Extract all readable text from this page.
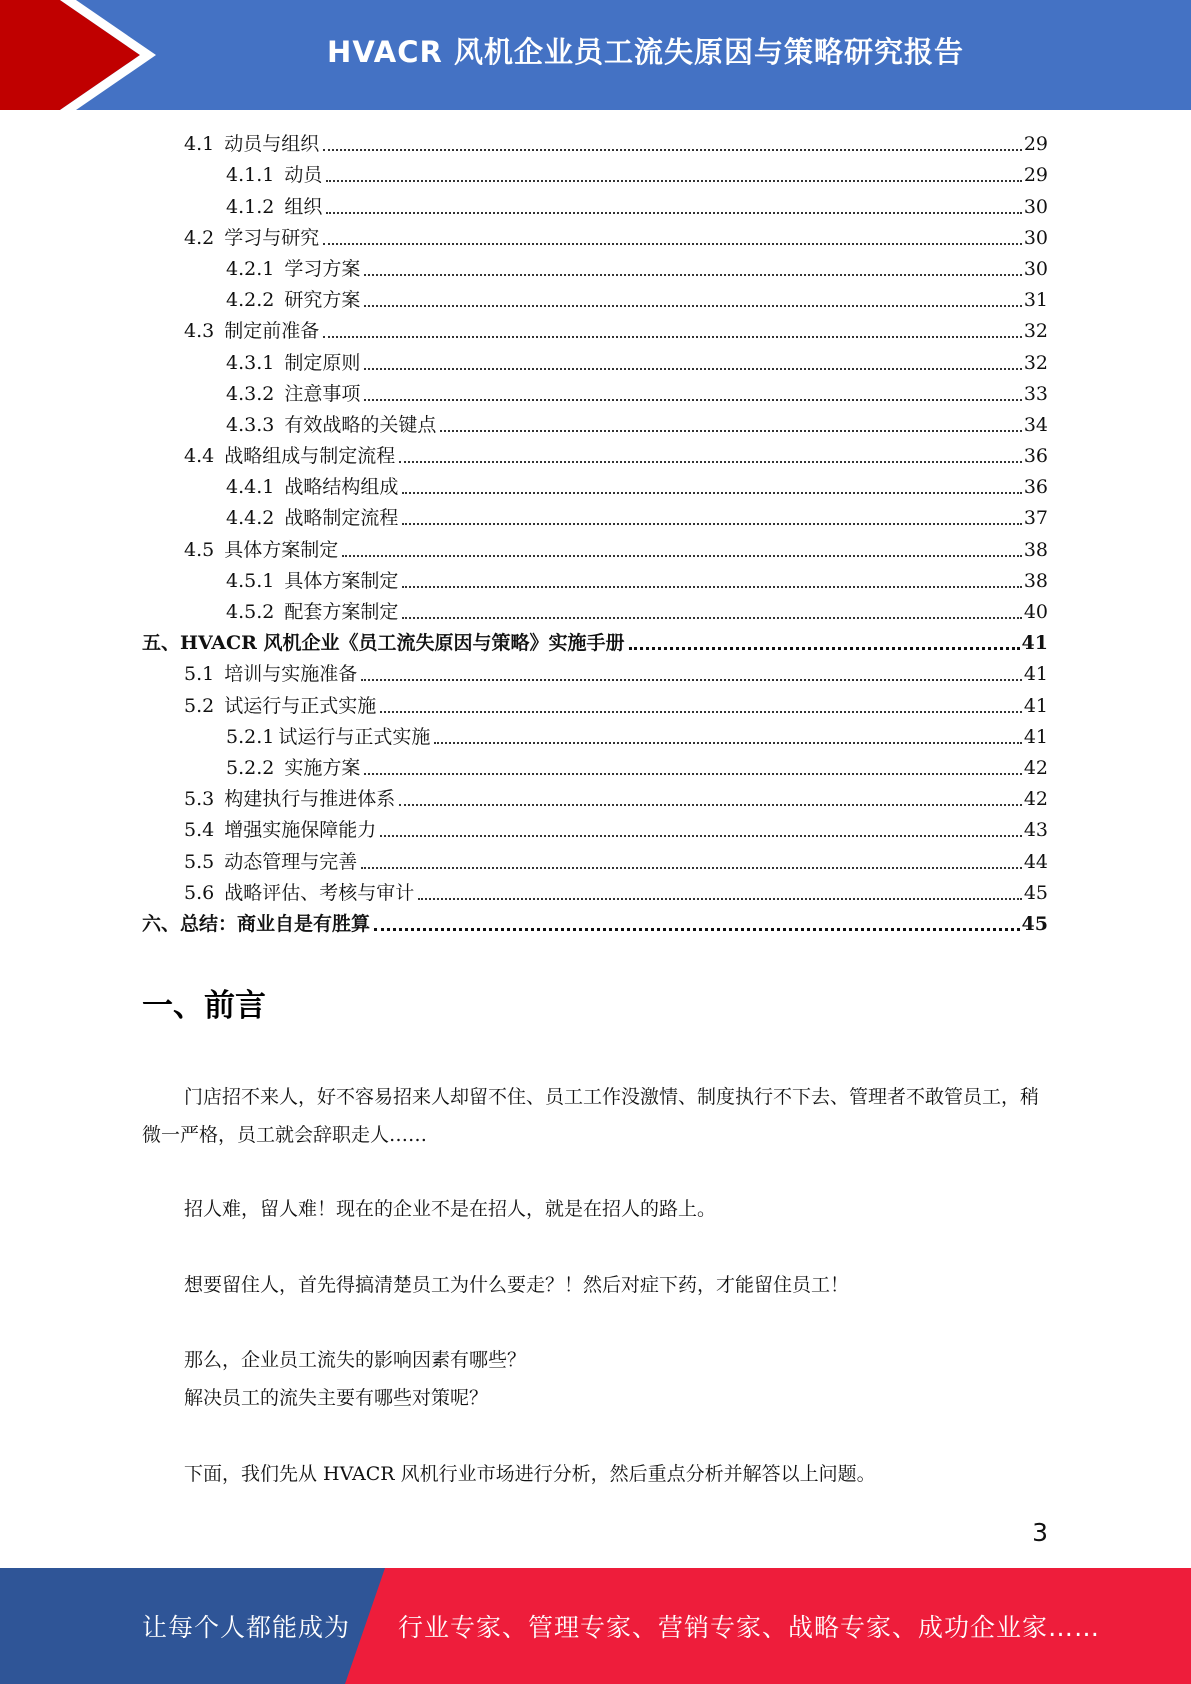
HVACR 风机企业员工流失原因与策略研究报告
4.1 动员与组织	29
4.1.1 动员	29
4.1.2 组织	30
4.2 学习与研究	30
4.2.1 学习方案	30
4.2.2 研究方案	31
4.3 制定前准备	32
4.3.1 制定原则	32
4.3.2 注意事项	33
4.3.3 有效战略的关键点	34
4.4 战略组成与制定流程	36
4.4.1 战略结构组成	36
4.4.2 战略制定流程	37
4.5 具体方案制定	38
4.5.1 具体方案制定	38
4.5.2 配套方案制定	40
五、HVACR 风机企业《员工流失原因与策略》实施手册	41
5.1 培训与实施准备	41
5.2 试运行与正式实施	41
5.2.1 试运行与正式实施	41
5.2.2 实施方案	42
5.3 构建执行与推进体系	42
5.4 增强实施保障能力	43
5.5 动态管理与完善	44
5.6 战略评估、考核与审计	45
六、总结：商业自是有胜算	45
一、前言
门店招不来人，好不容易招来人却留不住、员工工作没激情、制度执行不下去、管理者不敢管员工，稍微一严格，员工就会辞职走人……
招人难，留人难！现在的企业不是在招人，就是在招人的路上。
想要留住人，首先得搞清楚员工为什么要走？！然后对症下药，才能留住员工！
那么，企业员工流失的影响因素有哪些？
解决员工的流失主要有哪些对策呢？
下面，我们先从 HVACR 风机行业市场进行分析，然后重点分析并解答以上问题。
3
让每个人都能成为 行业专家、管理专家、营销专家、战略专家、成功企业家……
